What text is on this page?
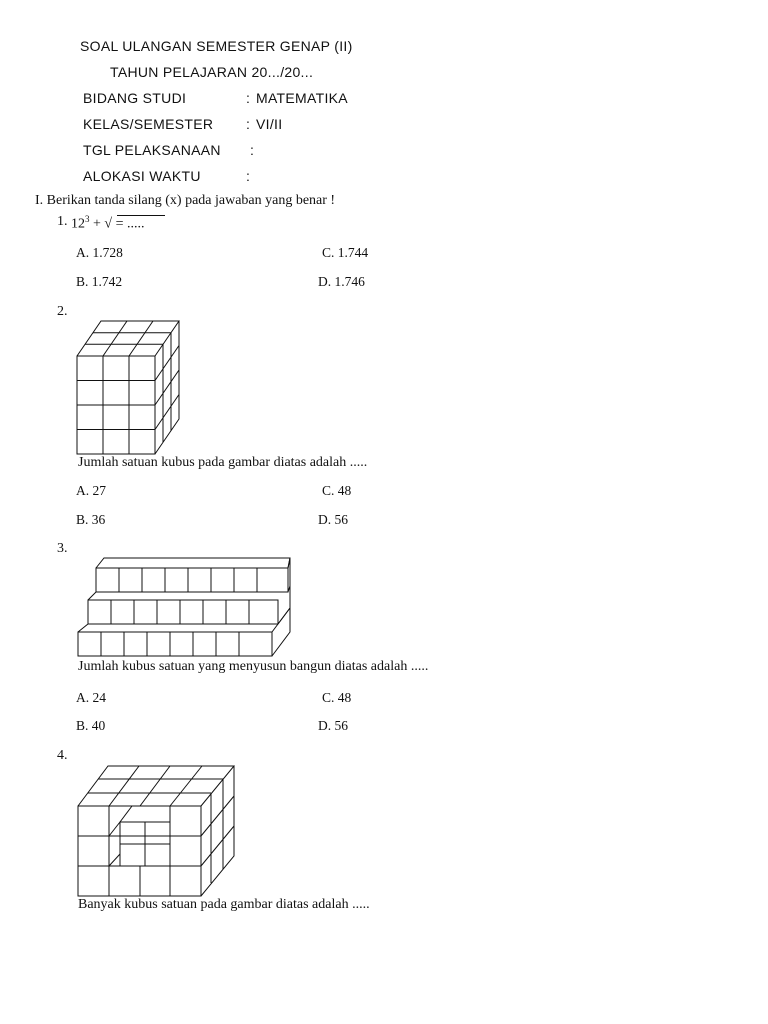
SOAL ULANGAN SEMESTER GENAP (II)
TAHUN PELAJARAN 20.../20...
BIDANG STUDI	: MATEMATIKA
KELAS/SEMESTER : VI/II
TGL PELAKSANAAN :
ALOKASI WAKTU	:
I. Berikan tanda silang (x) pada jawaban yang benar !
1. $12^3$ + √ = .....
A. 1.728	C. 1.744
B. 1.742	D. 1.746
2.
Jumlah satuan kubus pada gambar diatas adalah .....
A. 27	C. 48
B. 36	D. 56
3.
Jumlah kubus satuan yang menyusun bangun diatas adalah .....
A. 24	C. 48
B. 40	D. 56
4.
Banyak kubus satuan pada gambar diatas adalah .....
